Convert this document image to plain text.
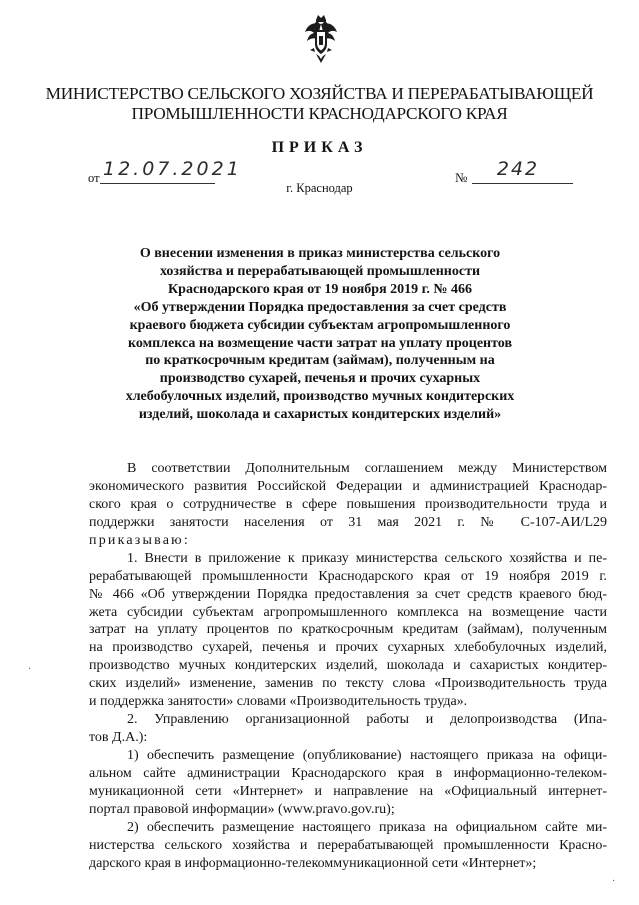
МИНИСТЕРСТВО СЕЛЬСКОГО ХОЗЯЙСТВА И ПЕРЕРАБАТЫВАЮЩЕЙ
ПРОМЫШЛЕННОСТИ КРАСНОДАРСКОГО КРАЯ
ПРИКАЗ
от 12.07.2021
г. Краснодар
№	242
О внесении изменения в приказ министерства сельского
хозяйства и перерабатывающей промышленности
Краснодарского края от 19 ноября 2019 г. № 466
«Об утверждении Порядка предоставления за счет средств
краевого бюджета субсидии субъектам агропромышленного
комплекса на возмещение части затрат на уплату процентов
по краткосрочным кредитам (займам), полученным на
производство сухарей, печенья и прочих сухарных
хлебобулочных изделий, производство мучных кондитерских
изделий, шоколада и сахаристых кондитерских изделий»
В соответствии Дополнительным соглашением между Министерством
экономического развития Российской Федерации и администрацией Краснодар-
ского края о сотрудничестве в сфере повышения производительности труда и
поддержки занятости населения от 31 мая 2021 г. № С-107-АИ/L29
приказываю:
1. Внести в приложение к приказу министерства сельского хозяйства и пе-
рерабатывающей промышленности Краснодарского края от 19 ноября 2019 г.
№ 466 «Об утверждении Порядка предоставления за счет средств краевого бюд-
жета субсидии субъектам агропромышленного комплекса на возмещение части
затрат на уплату процентов по краткосрочным кредитам (займам), полученным
на производство сухарей, печенья и прочих сухарных хлебобулочных изделий,
производство мучных кондитерских изделий, шоколада и сахаристых кондитер-
ских изделий» изменение, заменив по тексту слова «Производительность труда
и поддержка занятости» словами «Производительность труда».
2. Управлению организационной работы и делопроизводства (Ипа-
тов Д.А.):
1) обеспечить размещение (опубликование) настоящего приказа на офици-
альном сайте администрации Краснодарского края в информационно-телеком-
муникационной сети «Интернет» и направление на «Официальный интернет-
портал правовой информации» (www.pravo.gov.ru);
2) обеспечить размещение настоящего приказа на официальном сайте ми-
нистерства сельского хозяйства и перерабатывающей промышленности Красно-
дарского края в информационно-телекоммуникационной сети «Интернет»;
·
·
